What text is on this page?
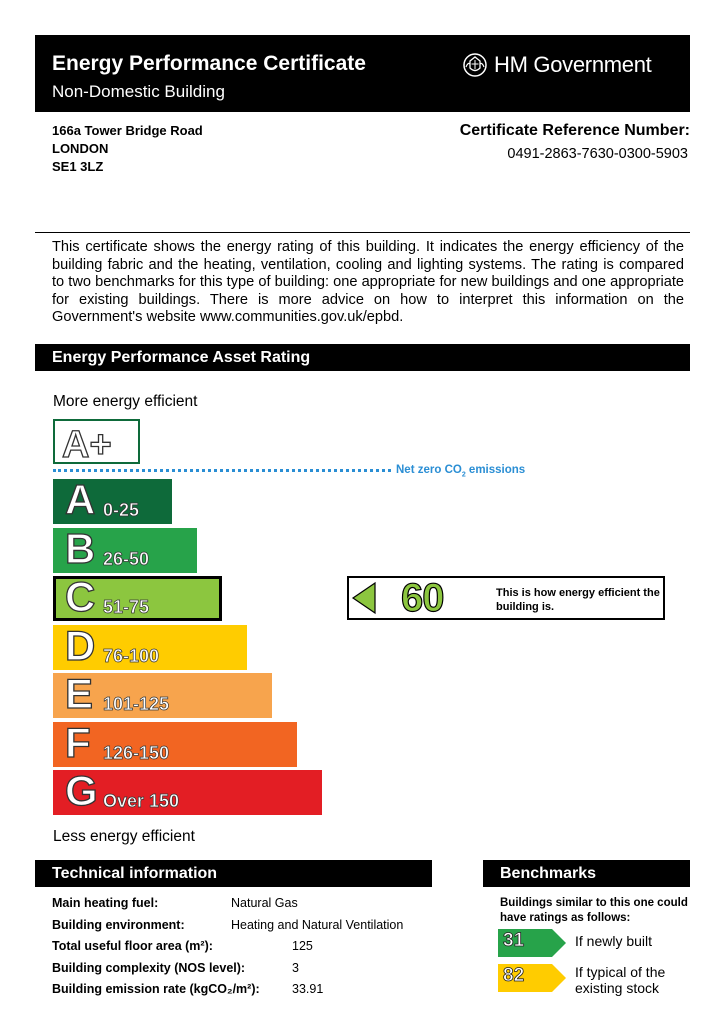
Energy Performance Certificate
Non-Domestic Building
HM Government
166a Tower Bridge Road
LONDON
SE1 3LZ
Certificate Reference Number:
0491-2863-7630-0300-5903
This certificate shows the energy rating of this building. It indicates the energy efficiency of the building fabric and the heating, ventilation, cooling and lighting systems. The rating is compared to two benchmarks for this type of building: one appropriate for new buildings and one appropriate for existing buildings. There is more advice on how to interpret this information on the Government's website www.communities.gov.uk/epbd.
Energy Performance Asset Rating
More energy efficient
A+
Net zero $CO_2$ emissions
A 0-25
B 26-50
C 51-75
D 76-100
E 101-125
F 126-150
G Over 150
Less energy efficient
60	This is how energy efficient the building is.
Technical information
Main heating fuel:	Natural Gas
Building environment:	Heating and Natural Ventilation
Total useful floor area (m²):	125
Building complexity (NOS level):	3
Building emission rate (kgCO₂/m²):	33.91
Benchmarks
Buildings similar to this one could have ratings as follows:
31	If newly built
82	If typical of the
existing stock
